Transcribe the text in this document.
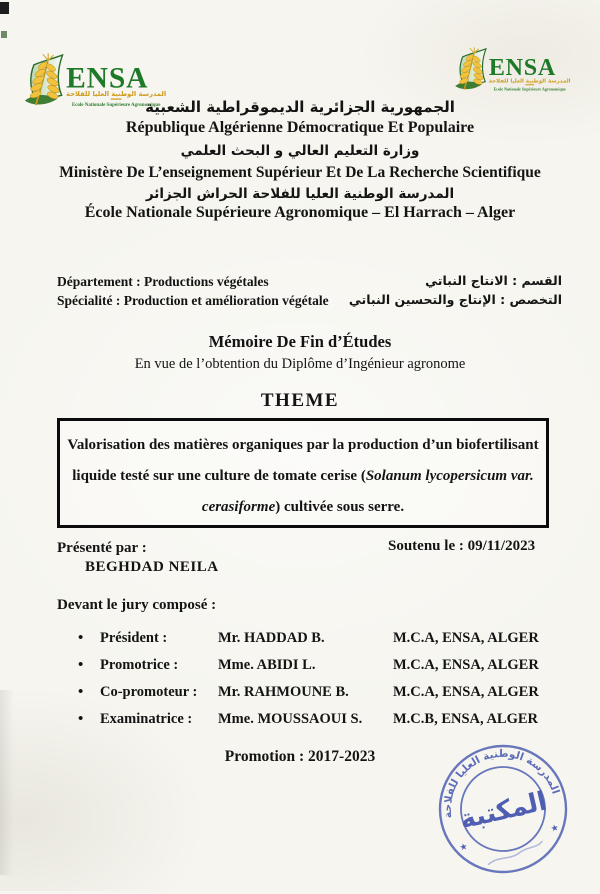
الجمهورية الجزائرية الديموقراطية الشعبية
République Algérienne Démocratique Et Populaire
وزارة التعليم العالي و البحث العلمي
Ministère De L’enseignement Supérieur Et De La Recherche Scientifique
المدرسة الوطنية العليا للفلاحة الحراش الجزائر
École Nationale Supérieure Agronomique – El Harrach – Alger
Département : Productions végétales
Spécialité : Production et amélioration végétale
القسم : الانتاج النباتي
التخصص : الإنتاج والتحسين النباتي
Mémoire De Fin d’Études
En vue de l’obtention du Diplôme d’Ingénieur agronome
THEME
Valorisation des matières organiques par la production d’un biofertilisant
liquide testé sur une culture de tomate cerise (Solanum lycopersicum var.
cerasiforme) cultivée sous serre.
Présenté par :	Soutenu le : 09/11/2023
BEGHDAD NEILA
Devant le jury composé :
•	Président :	Mr. HADDAD B.	M.C.A, ENSA, ALGER
•	Promotrice :	Mme. ABIDI L.	M.C.A, ENSA, ALGER
•	Co-promoteur :	Mr. RAHMOUNE B.	M.C.A, ENSA, ALGER
•	Examinatrice :	Mme. MOUSSAOUI S.	M.C.B, ENSA, ALGER
Promotion : 2017-2023
المدرسة الوطنية العليا للفلاحة
★
★
المكتبة
